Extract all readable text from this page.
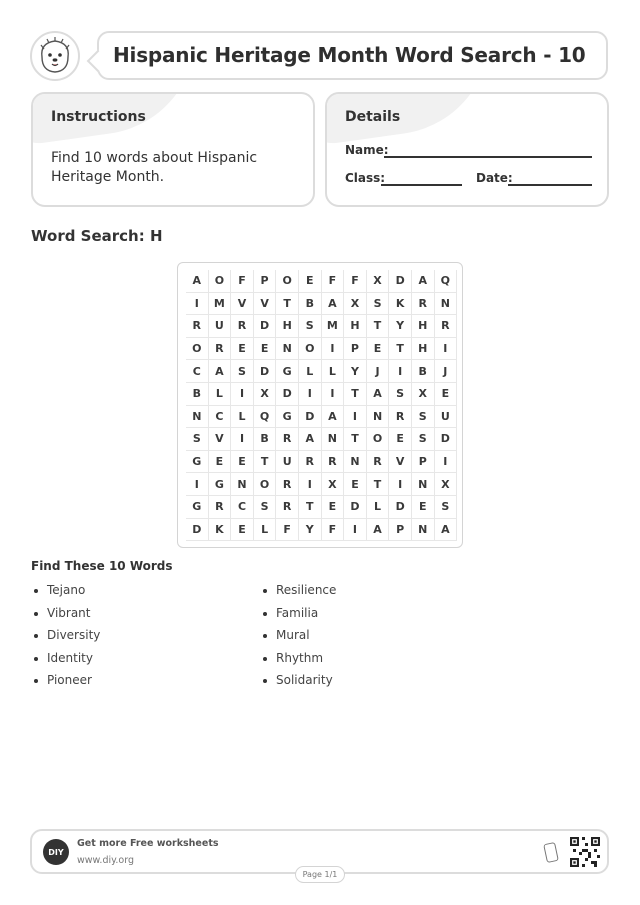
Hispanic Heritage Month Word Search - 10
Instructions
Find 10 words about Hispanic Heritage Month.
Details
Name:
Class:	Date:
Word Search: H
A	O	F	P	O	E	F	F	X	D	A	Q
I	M	V	V	T	B	A	X	S	K	R	N
R	U	R	D	H	S	M	H	T	Y	H	R
O	R	E	E	N	O	I	P	E	T	H	I
C	A	S	D	G	L	L	Y	J	I	B	J
B	L	I	X	D	I	I	T	A	S	X	E
N	C	L	Q	G	D	A	I	N	R	S	U
S	V	I	B	R	A	N	T	O	E	S	D
G	E	E	T	U	R	R	N	R	V	P	I
I	G	N	O	R	I	X	E	T	I	N	X
G	R	C	S	R	T	E	D	L	D	E	S
D	K	E	L	F	Y	F	I	A	P	N	A
Find These 10 Words
Tejano
Vibrant
Diversity
Identity
Pioneer
Resilience
Familia
Mural
Rhythm
Solidarity
DIY
Get more Free worksheets
www.diy.org
Page 1/1
